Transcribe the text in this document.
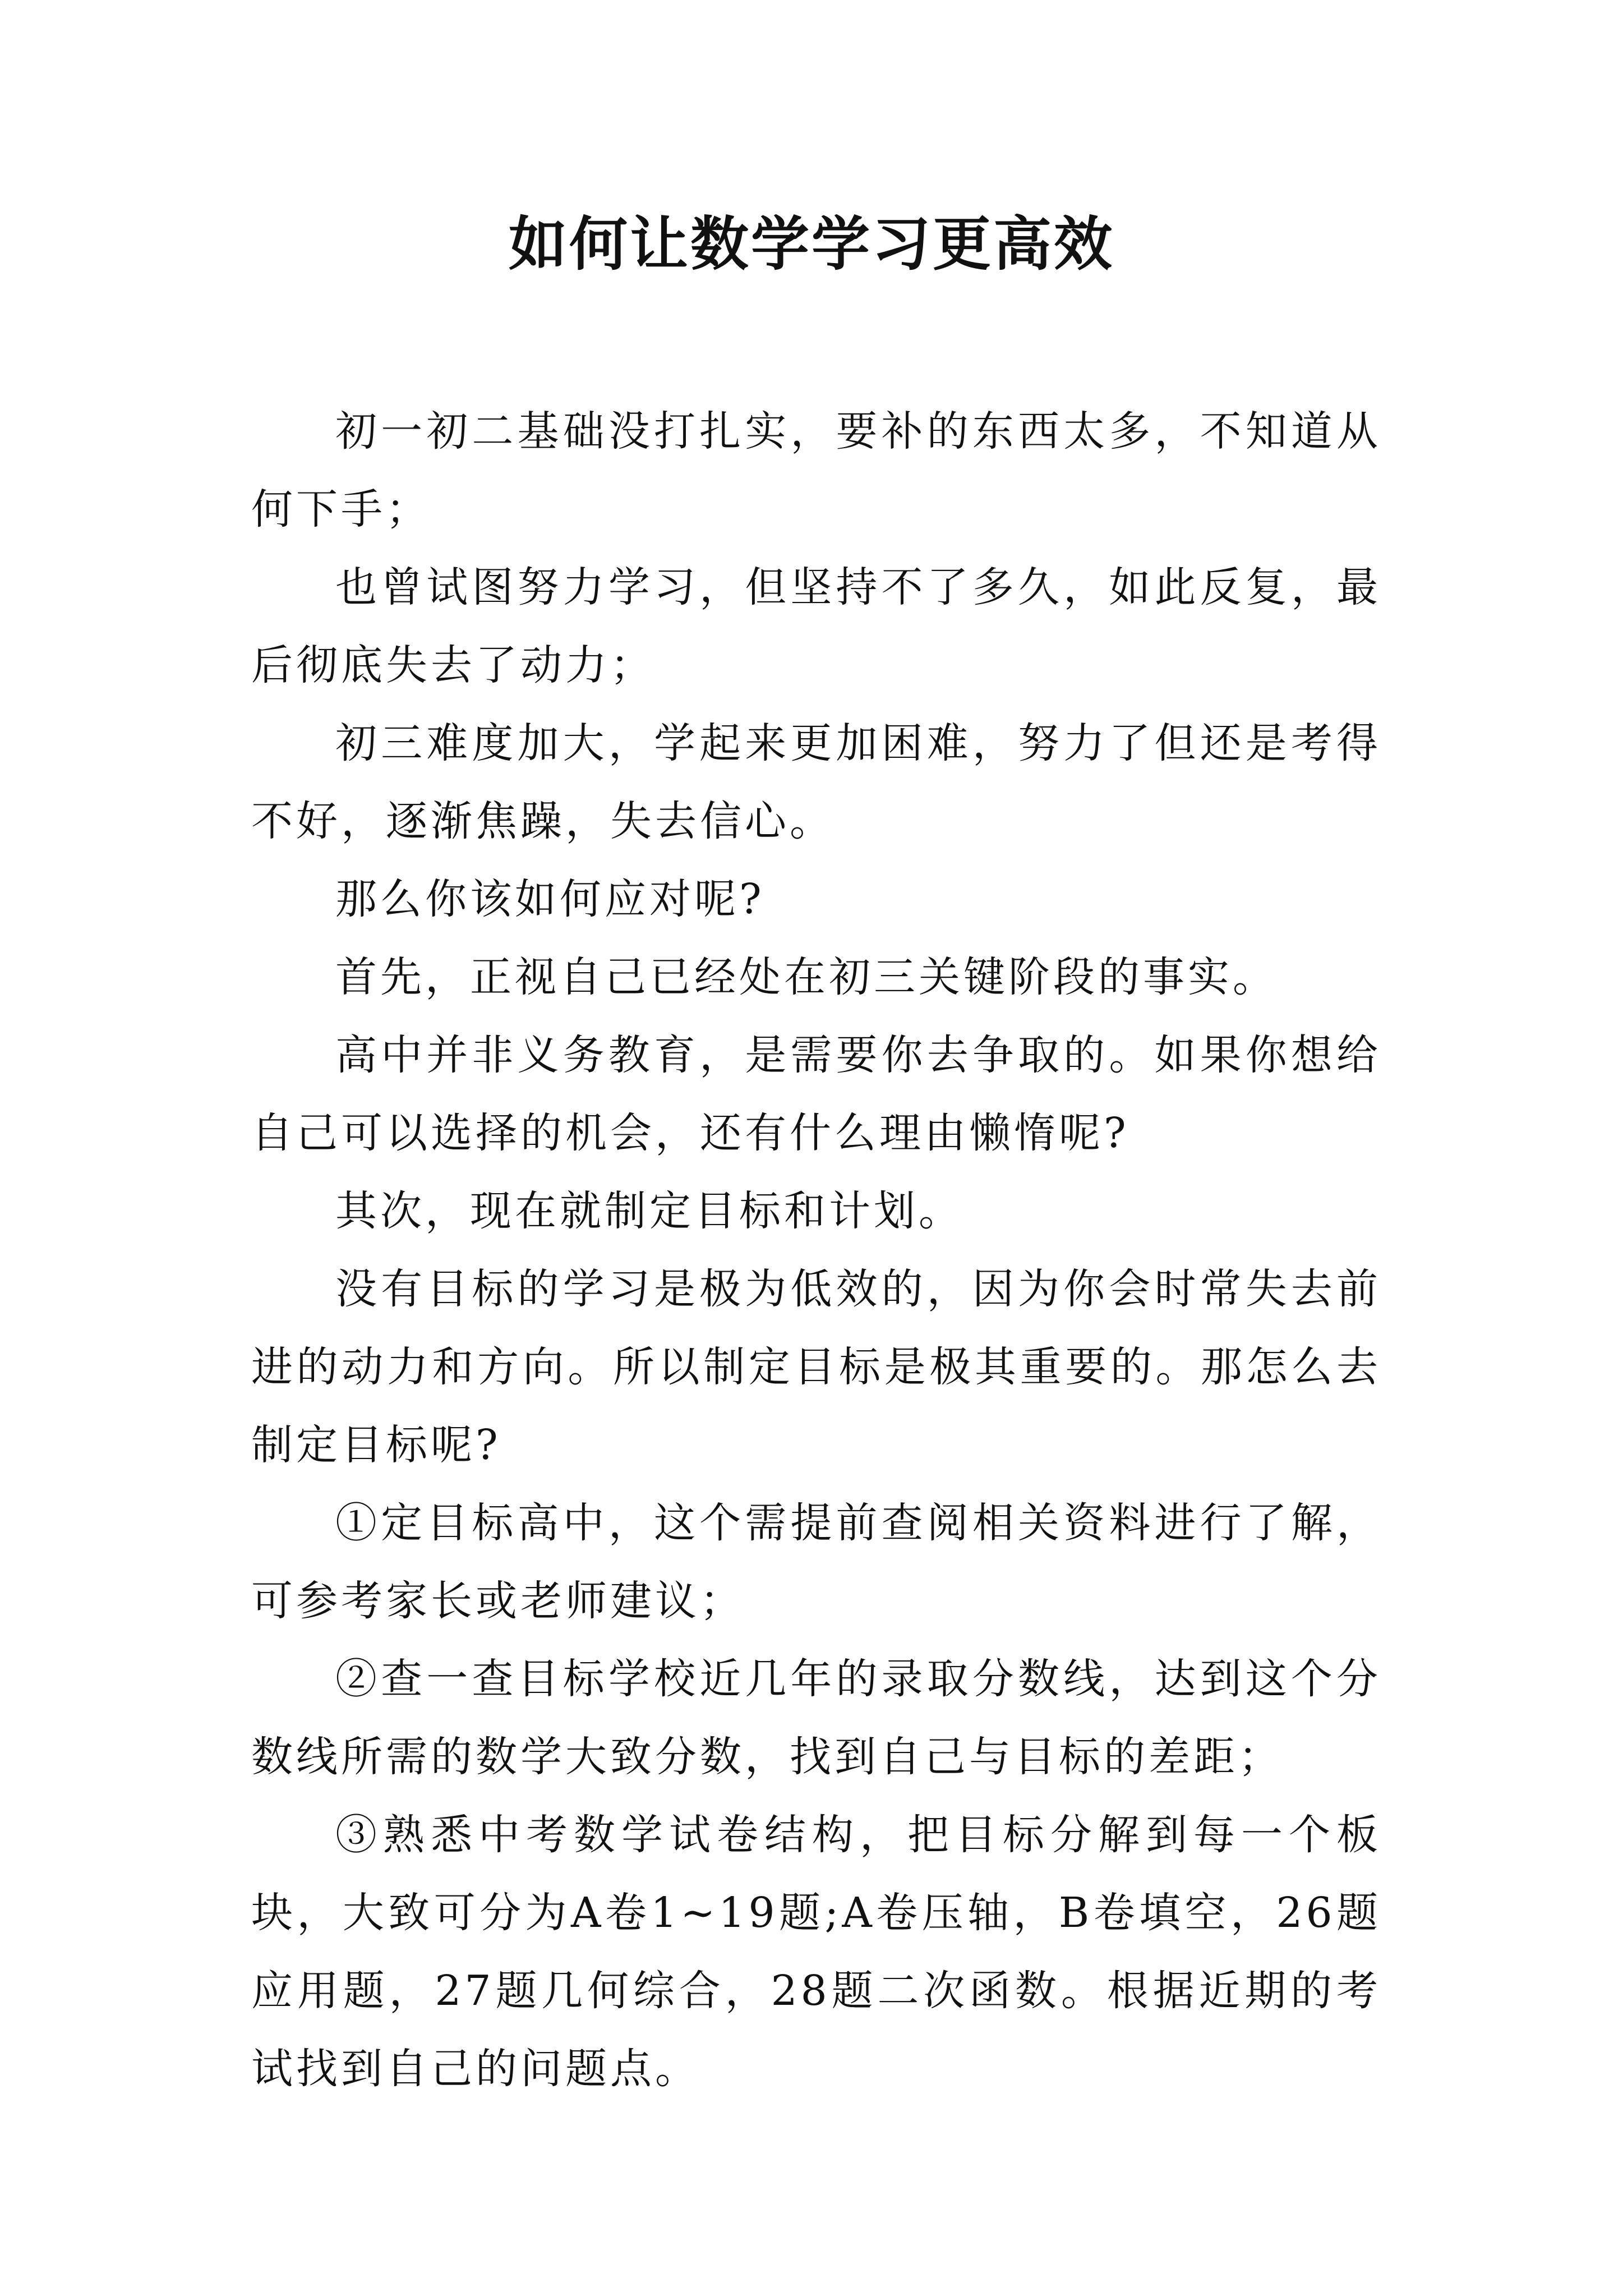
如何让数学学习更高效

初一初二基础没打扎实，要补的东西太多，不知道从何下手；

也曾试图努力学习，但坚持不了多久，如此反复，最后彻底失去了动力；

初三难度加大，学起来更加困难，努力了但还是考得不好，逐渐焦躁，失去信心。

那么你该如何应对呢?

首先，正视自己已经处在初三关键阶段的事实。

高中并非义务教育，是需要你去争取的。如果你想给自己可以选择的机会，还有什么理由懒惰呢?

其次，现在就制定目标和计划。

没有目标的学习是极为低效的，因为你会时常失去前进的动力和方向。所以制定目标是极其重要的。那怎么去制定目标呢?

①定目标高中，这个需提前查阅相关资料进行了解，可参考家长或老师建议；

②查一查目标学校近几年的录取分数线，达到这个分数线所需的数学大致分数，找到自己与目标的差距；

③熟悉中考数学试卷结构，把目标分解到每一个板块，大致可分为A卷1~19题;A卷压轴，B卷填空，26题应用题，27题几何综合，28题二次函数。根据近期的考试找到自己的问题点。
